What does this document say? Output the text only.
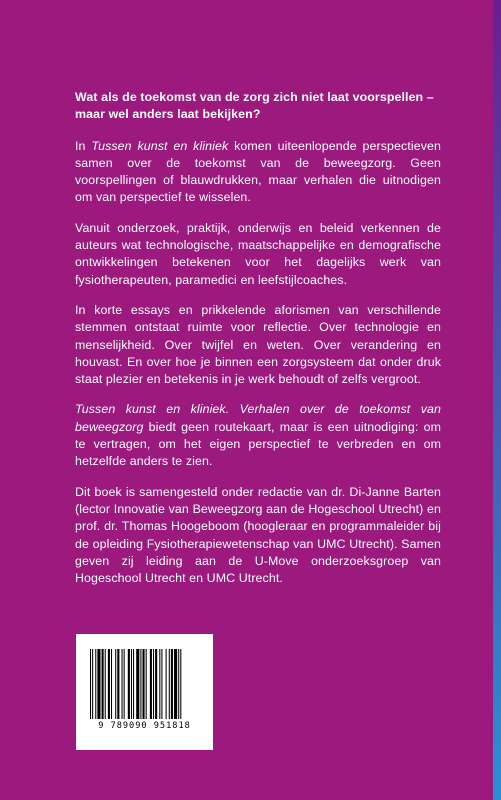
Wat als de toekomst van de zorg zich niet laat voorspellen –
maar wel anders laat bekijken?

In Tussen kunst en kliniek komen uiteenlopende perspectieven samen over de toekomst van de beweegzorg. Geen voorspellingen of blauwdrukken, maar verhalen die uitnodigen om van perspectief te wisselen.

Vanuit onderzoek, praktijk, onderwijs en beleid verkennen de auteurs wat technologische, maatschappelijke en demografische ontwikkelingen betekenen voor het dagelijks werk van fysiotherapeuten, paramedici en leefstijlcoaches.

In korte essays en prikkelende aforismen van verschillende stemmen ontstaat ruimte voor reflectie. Over technologie en menselijkheid. Over twijfel en weten. Over verandering en houvast. En over hoe je binnen een zorgsysteem dat onder druk staat plezier en betekenis in je werk behoudt of zelfs vergroot.

Tussen kunst en kliniek. Verhalen over de toekomst van beweegzorg biedt geen routekaart, maar is een uitnodiging: om te vertragen, om het eigen perspectief te verbreden en om hetzelfde anders te zien.

Dit boek is samengesteld onder redactie van dr. Di-Janne Barten (lector Innovatie van Beweegzorg aan de Hogeschool Utrecht) en prof. dr. Thomas Hoogeboom (hoogleraar en programmaleider bij de opleiding Fysiotherapiewetenschap van UMC Utrecht). Samen geven zij leiding aan de U-Move onderzoeksgroep van Hogeschool Utrecht en UMC Utrecht.

9 789090 951818
